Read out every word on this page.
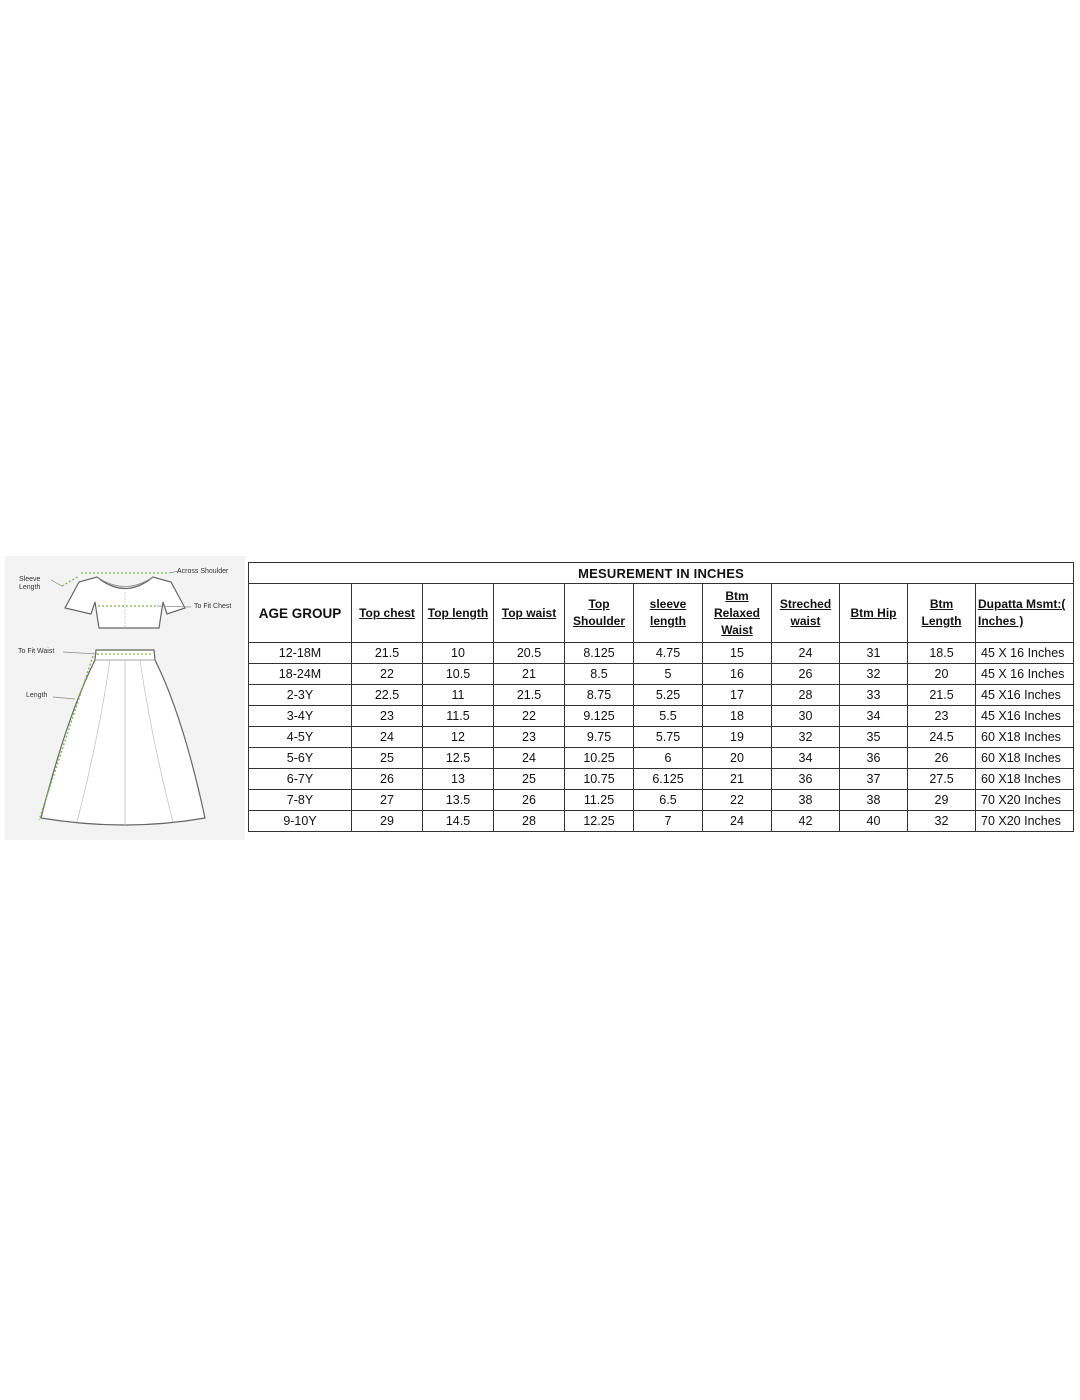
Sleeve
Length
Across Shoulder
To Fit Chest
To Fit Waist
Length
MESUREMENT IN INCHES										
AGE GROUP	Top chest	Top length	Top waist	Top Shoulder	sleeve length	Btm Relaxed Waist	Streched waist	Btm Hip	Btm Length	Dupatta Msmt:( Inches )
12-18M	21.5	10	20.5	8.125	4.75	15	24	31	18.5	45 X 16 Inches
18-24M	22	10.5	21	8.5	5	16	26	32	20	45 X 16 Inches
2-3Y	22.5	11	21.5	8.75	5.25	17	28	33	21.5	45 X16 Inches
3-4Y	23	11.5	22	9.125	5.5	18	30	34	23	45 X16 Inches
4-5Y	24	12	23	9.75	5.75	19	32	35	24.5	60 X18 Inches
5-6Y	25	12.5	24	10.25	6	20	34	36	26	60 X18 Inches
6-7Y	26	13	25	10.75	6.125	21	36	37	27.5	60 X18 Inches
7-8Y	27	13.5	26	11.25	6.5	22	38	38	29	70 X20 Inches
9-10Y	29	14.5	28	12.25	7	24	42	40	32	70 X20 Inches
